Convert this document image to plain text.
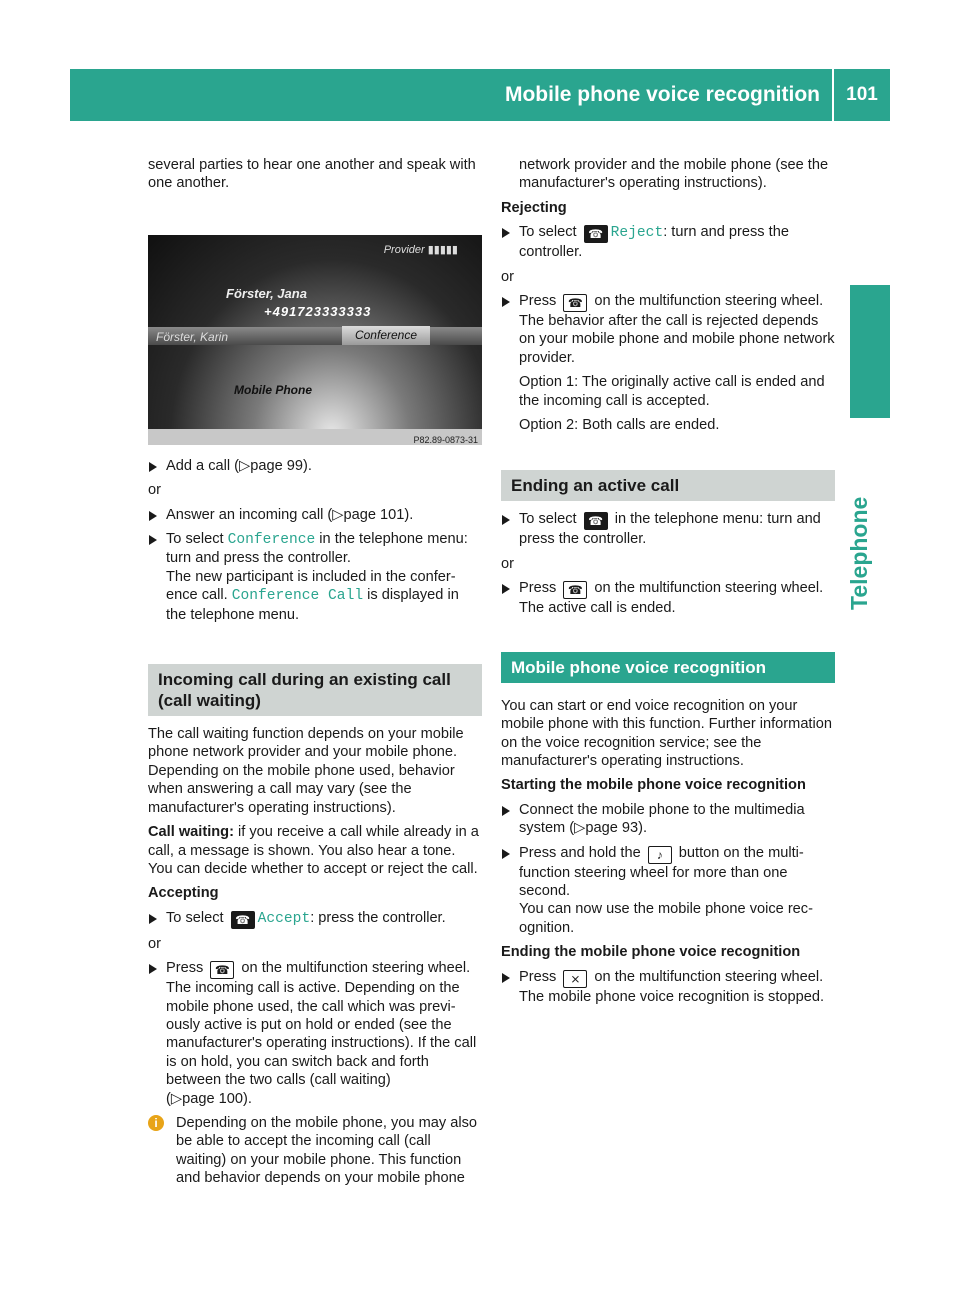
Mobile phone voice recognition	101
Telephone

several parties to hear one another and speak with one another.

Provider ▮▮▮▮▮
Förster, Jana
+491723333333
Förster, Karin	Conference
Mobile Phone
P82.89-0873-31
Add a call (▷page 99).

or

Answer an incoming call (▷page 101).
To select Conference in the telephone menu: turn and press the controller.
The new participant is included in the conference call. Conference Call is displayed in the telephone menu.
Incoming call during an existing call (call waiting)

The call waiting function depends on your mobile phone network provider and your mobile phone. Depending on the mobile phone used, behavior when answering a call may vary (see the manufacturer's operating instructions).

Call waiting: if you receive a call while already in a call, a message is shown. You also hear a tone. You can decide whether to accept or reject the call.

Accepting

To select ☎ Accept: press the controller.

or

Press ☎ on the multifunction steering wheel.
The incoming call is active. Depending on the mobile phone used, the call which was previously active is put on hold or ended (see the manufacturer's operating instructions). If the call is on hold, you can switch back and forth between the two calls (call waiting)
(▷page 100).
i	Depending on the mobile phone, you may also be able to accept the incoming call (call waiting) on your mobile phone. This function and behavior depends on your mobile phone

network provider and the mobile phone (see the manufacturer's operating instructions).

Rejecting

To select ☎ Reject: turn and press the controller.

or

Press ☎ on the multifunction steering wheel.
The behavior after the call is rejected depends on your mobile phone and mobile phone network provider.

Option 1: The originally active call is ended and the incoming call is accepted.

Option 2: Both calls are ended.

Ending an active call
To select ☎ in the telephone menu: turn and press the controller.

or

Press ☎ on the multifunction steering wheel.
The active call is ended.
Mobile phone voice recognition

You can start or end voice recognition on your mobile phone with this function. Further information on the voice recognition service; see the manufacturer's operating instructions.

Starting the mobile phone voice recognition

Connect the mobile phone to the multimedia system (▷page 93).
Press and hold the ♪ button on the multifunction steering wheel for more than one second.
You can now use the mobile phone voice recognition.

Ending the mobile phone voice recognition

Press ⨯ on the multifunction steering wheel.
The mobile phone voice recognition is stopped.
